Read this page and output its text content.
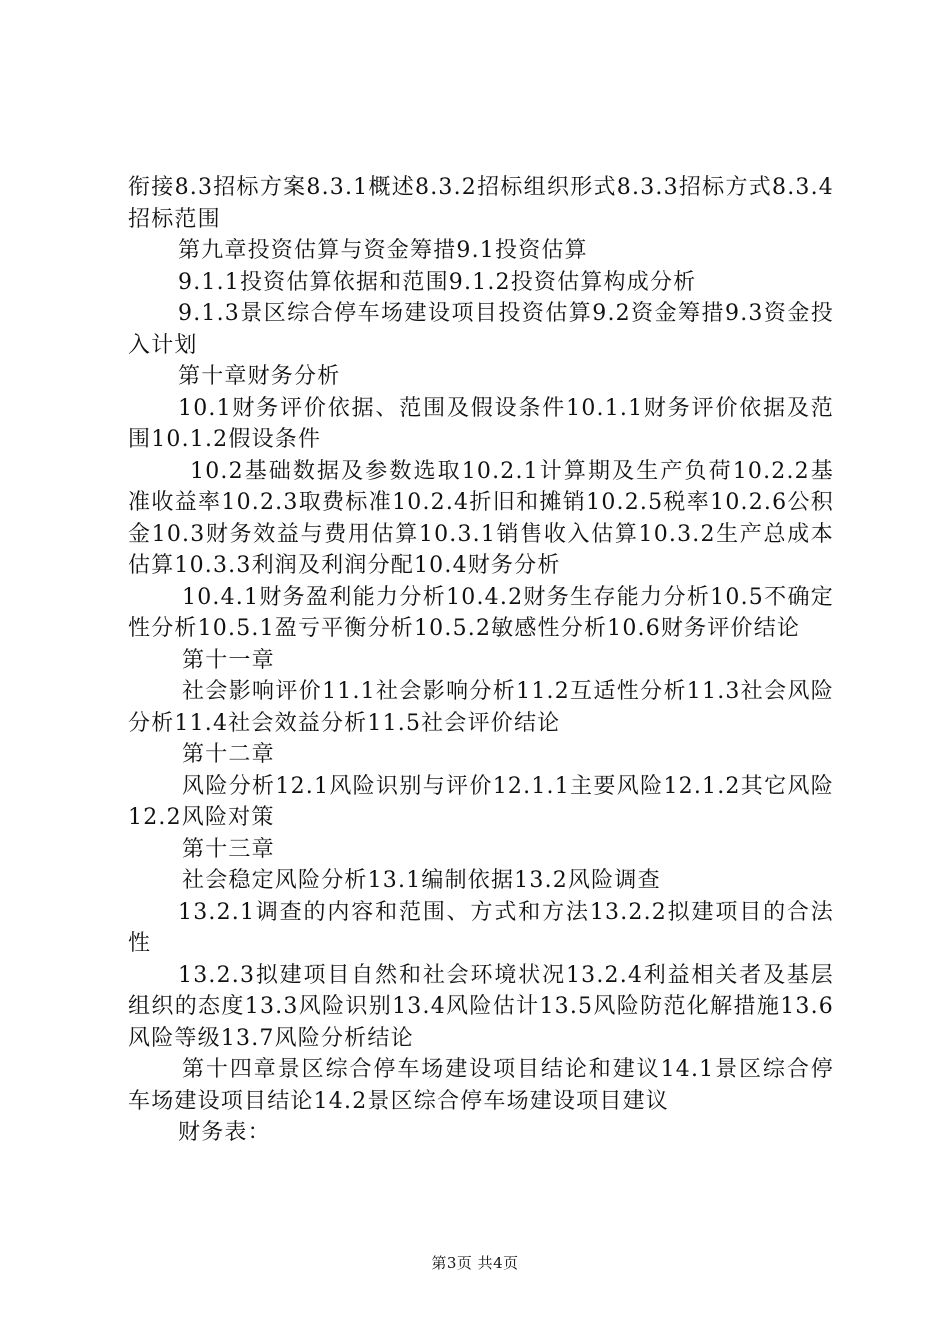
衔接8.3招标方案8.3.1概述8.3.2招标组织形式8.3.3招标方式8.3.4招标范围

第九章投资估算与资金筹措9.1投资估算

9.1.1投资估算依据和范围9.1.2投资估算构成分析

9.1.3景区综合停车场建设项目投资估算9.2资金筹措9.3资金投入计划

第十章财务分析

10.1财务评价依据、范围及假设条件10.1.1财务评价依据及范围10.1.2假设条件

10.2基础数据及参数选取10.2.1计算期及生产负荷10.2.2基准收益率10.2.3取费标准10.2.4折旧和摊销10.2.5税率10.2.6公积金10.3财务效益与费用估算10.3.1销售收入估算10.3.2生产总成本估算10.3.3利润及利润分配10.4财务分析

10.4.1财务盈利能力分析10.4.2财务生存能力分析10.5不确定性分析10.5.1盈亏平衡分析10.5.2敏感性分析10.6财务评价结论

第十一章

社会影响评价11.1社会影响分析11.2互适性分析11.3社会风险分析11.4社会效益分析11.5社会评价结论

第十二章

风险分析12.1风险识别与评价12.1.1主要风险12.1.2其它风险12.2风险对策

第十三章

社会稳定风险分析13.1编制依据13.2风险调查

13.2.1调查的内容和范围、方式和方法13.2.2拟建项目的合法性

13.2.3拟建项目自然和社会环境状况13.2.4利益相关者及基层组织的态度13.3风险识别13.4风险估计13.5风险防范化解措施13.6风险等级13.7风险分析结论

第十四章景区综合停车场建设项目结论和建议14.1景区综合停车场建设项目结论14.2景区综合停车场建设项目建议

财务表：

第3页 共4页
